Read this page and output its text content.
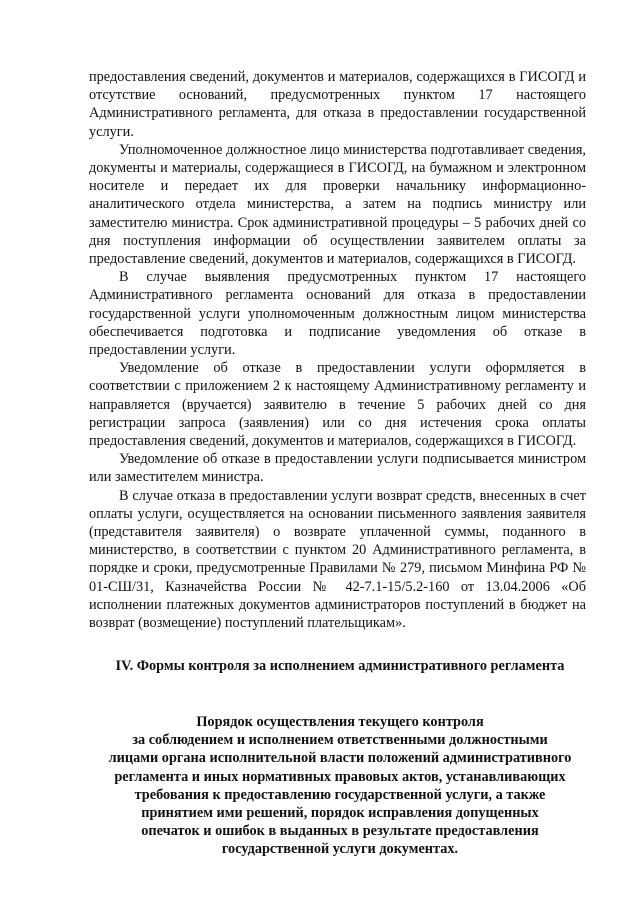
предоставления сведений, документов и материалов, содержащихся в ГИСОГД и отсутствие оснований, предусмотренных пунктом 17 настоящего Административного регламента, для отказа в предоставлении государственной услуги.

Уполномоченное должностное лицо министерства подготавливает сведения, документы и материалы, содержащиеся в ГИСОГД, на бумажном и электронном носителе и передает их для проверки начальнику информационно-аналитического отдела министерства, а затем на подпись министру или заместителю министра. Срок административной процедуры – 5 рабочих дней со дня поступления информации об осуществлении заявителем оплаты за предоставление сведений, документов и материалов, содержащихся в ГИСОГД.

В случае выявления предусмотренных пунктом 17 настоящего Административного регламента оснований для отказа в предоставлении государственной услуги уполномоченным должностным лицом министерства обеспечивается подготовка и подписание уведомления об отказе в предоставлении услуги.

Уведомление об отказе в предоставлении услуги оформляется в соответствии с приложением 2 к настоящему Административному регламенту и направляется (вручается) заявителю в течение 5 рабочих дней со дня регистрации запроса (заявления) или со дня истечения срока оплаты предоставления сведений, документов и материалов, содержащихся в ГИСОГД.

Уведомление об отказе в предоставлении услуги подписывается министром или заместителем министра.

В случае отказа в предоставлении услуги возврат средств, внесенных в счет оплаты услуги, осуществляется на основании письменного заявления заявителя (представителя заявителя) о возврате уплаченной суммы, поданного в министерство, в соответствии с пунктом 20 Административного регламента, в порядке и сроки, предусмотренные Правилами № 279, письмом Минфина РФ № 01-СШ/31, Казначейства России № 42-7.1-15/5.2-160 от 13.04.2006 «Об исполнении платежных документов администраторов поступлений в бюджет на возврат (возмещение) поступлений плательщикам».

IV. Формы контроля за исполнением административного регламента
Порядок осуществления текущего контроля
за соблюдением и исполнением ответственными должностными
лицами органа исполнительной власти положений административного
регламента и иных нормативных правовых актов, устанавливающих
требования к предоставлению государственной услуги, а также
принятием ими решений, порядок исправления допущенных
опечаток и ошибок в выданных в результате предоставления
государственной услуги документах.
